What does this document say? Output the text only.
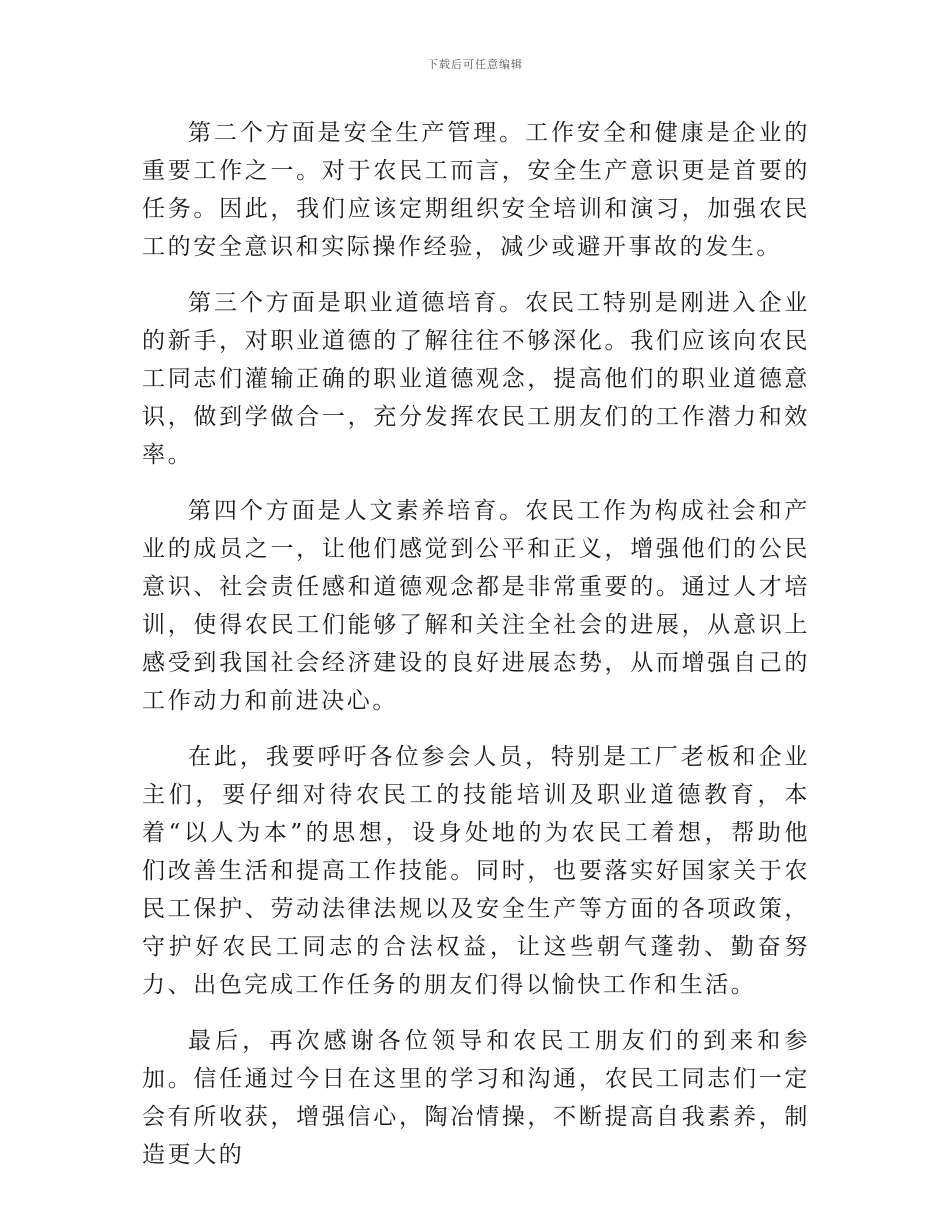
下载后可任意编辑

第二个方面是安全生产管理。工作安全和健康是企业的重要工作之一。对于农民工而言，安全生产意识更是首要的任务。因此，我们应该定期组织安全培训和演习，加强农民工的安全意识和实际操作经验，减少或避开事故的发生。

第三个方面是职业道德培育。农民工特别是刚进入企业的新手，对职业道德的了解往往不够深化。我们应该向农民工同志们灌输正确的职业道德观念，提高他们的职业道德意识，做到学做合一，充分发挥农民工朋友们的工作潜力和效率。

第四个方面是人文素养培育。农民工作为构成社会和产业的成员之一，让他们感觉到公平和正义，增强他们的公民意识、社会责任感和道德观念都是非常重要的。通过人才培训，使得农民工们能够了解和关注全社会的进展，从意识上感受到我国社会经济建设的良好进展态势，从而增强自己的工作动力和前进决心。

在此，我要呼吁各位参会人员，特别是工厂老板和企业主们，要仔细对待农民工的技能培训及职业道德教育，本着“以人为本”的思想，设身处地的为农民工着想，帮助他们改善生活和提高工作技能。同时，也要落实好国家关于农民工保护、劳动法律法规以及安全生产等方面的各项政策，守护好农民工同志的合法权益，让这些朝气蓬勃、勤奋努力、出色完成工作任务的朋友们得以愉快工作和生活。

最后，再次感谢各位领导和农民工朋友们的到来和参加。信任通过今日在这里的学习和沟通，农民工同志们一定会有所收获，增强信心，陶冶情操，不断提高自我素养，制造更大的
